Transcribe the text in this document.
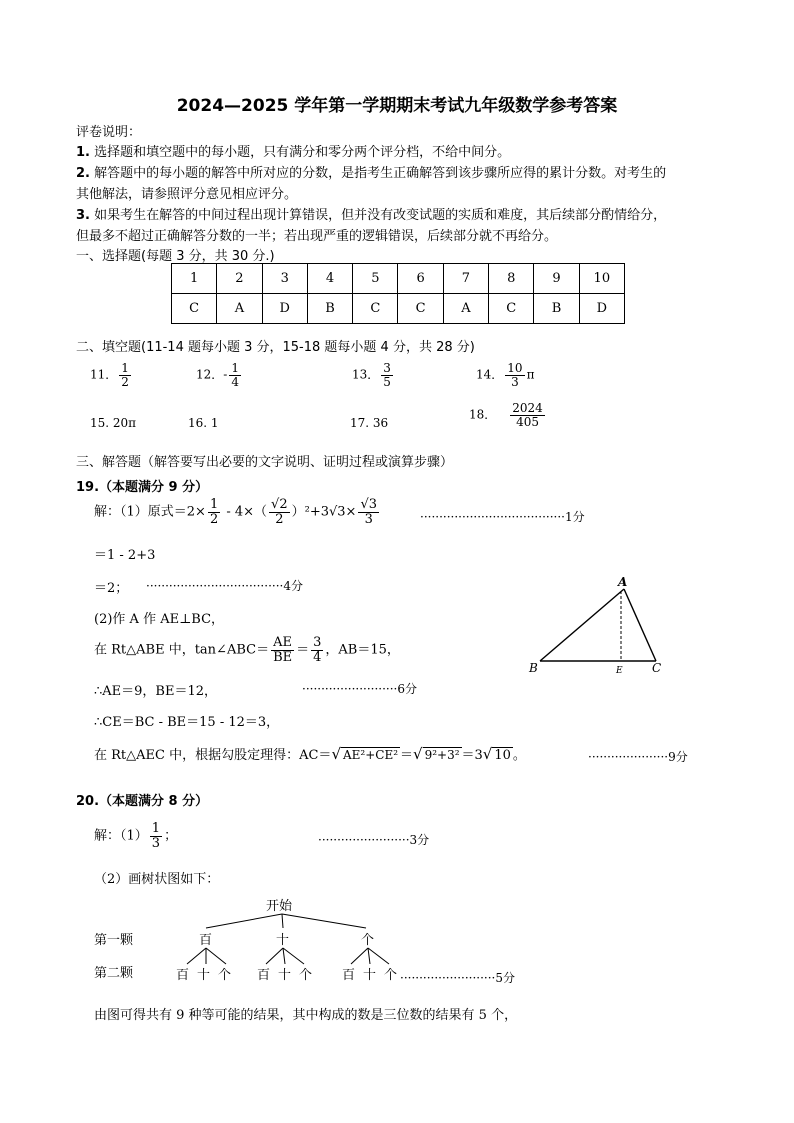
2024—2025 学年第一学期期末考试九年级数学参考答案
评卷说明：
1. 选择题和填空题中的每小题，只有满分和零分两个评分档，不给中间分。
2. 解答题中的每小题的解答中所对应的分数，是指考生正确解答到该步骤所应得的累计分数。对考生的
其他解法，请参照评分意见相应评分。
3. 如果考生在解答的中间过程出现计算错误，但并没有改变试题的实质和难度，其后续部分酌情给分，
但最多不超过正确解答分数的一半；若出现严重的逻辑错误，后续部分就不再给分。
一、选择题(每题 3 分，共 30 分.)
1	2	3	4	5	6	7	8	9	10
C	A	D	B	C	C	A	C	B	D
二、填空题(11-14 题每小题 3 分，15-18 题每小题 4 分，共 28 分)
11． $\frac{1}{2}$	12．- $\frac{1}{4}$	13． $\frac{3}{5}$	14． $\frac{10}{3}$ π
15. 20π	16. 1	17. 36
18． $\frac{2024}{405}$
三、解答题（解答要写出必要的文字说明、证明过程或演算步骤）
19.（本题满分 9 分）
解：（1）原式$=2\times \frac{1}{2} - 4\times( \frac{√2}{2} )^2+3√3\times \frac{√3}{3}$	······································1分
＝1 - 2+3
＝2； ····································4分
(2)作 A 作 AE⊥BC，
在 Rt△ABE 中，tan∠ABC＝ $\frac{AE}{BE} = \frac{3}{4}$ ，AB＝15，
∴AE＝9，BE＝12，	·························6分
∴CE＝BC - BE＝15 - 12＝3，
在 Rt△AEC 中，根据勾股定理得：AC＝√ AE²+CE² ＝√ 9²+3² ＝3√ 10 。	·····················9分
A
B	C
E
20.（本题满分 8 分）
解：$(1) \frac{1}{3}$ ；	························3分
（2）画树状图如下：
开始
第一颗	百	十	个
第二颗	百 十 个 百 十 个 百 十 个 ·························5分
由图可得共有 9 种等可能的结果，其中构成的数是三位数的结果有 5 个，
